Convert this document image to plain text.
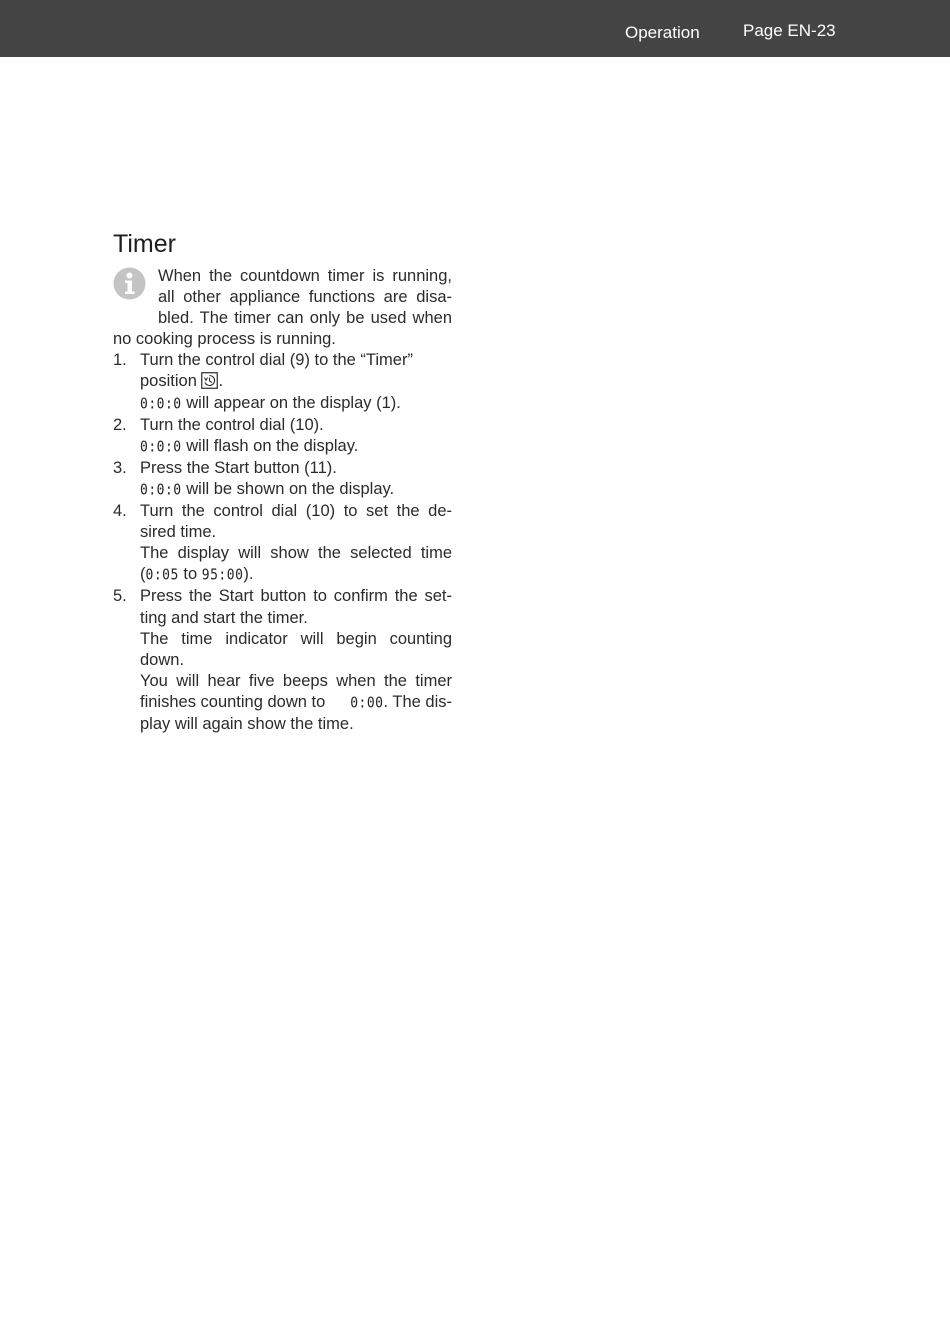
Operation	Page EN-23
Timer
When the countdown timer is running,
all other appliance functions are disa-
bled. The timer can only be used when
no cooking process is running.
1. Turn the control dial (9) to the “Timer”
position .
0:0:0 will appear on the display (1).
2. Turn the control dial (10).
0:0:0 will flash on the display.
3. Press the Start button (11).
0:0:0 will be shown on the display.
4. Turn the control dial (10) to set the de-
sired time.
The display will show the selected time
(0:05 to 95:00).
5. Press the Start button to confirm the set-
ting and start the timer.
The time indicator will begin counting
down.
You will hear five beeps when the timer
finishes counting down to 0:00. The dis-
play will again show the time.
